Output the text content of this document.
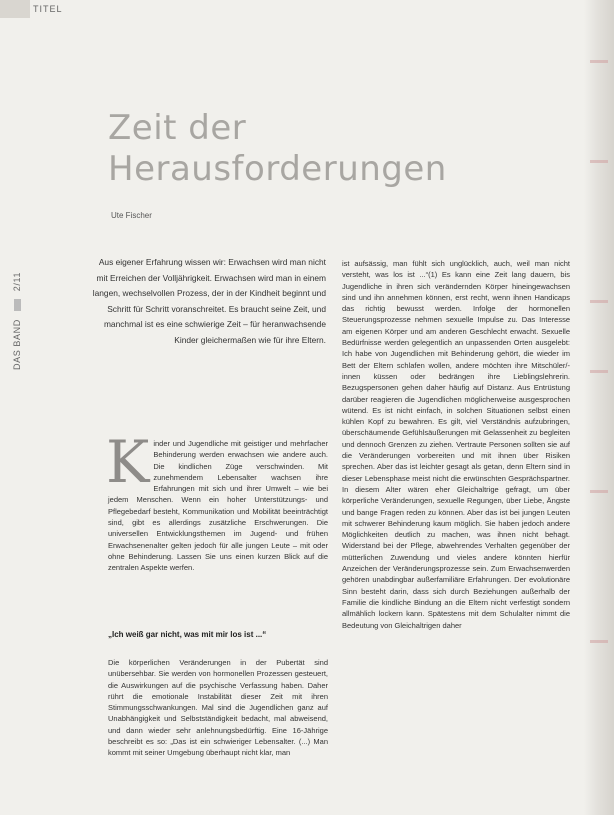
TITEL
DAS BAND2/11
Zeit der
Herausforderungen
Ute Fischer
Aus eigener Erfahrung wissen wir: Erwachsen wird man nicht mit Erreichen der Volljährigkeit. Erwachsen wird man in einem langen, wechselvollen Prozess, der in der Kindheit beginnt und Schritt für Schritt voranschreitet. Es braucht seine Zeit, und manchmal ist es eine schwierige Zeit – für heranwachsende Kinder gleichermaßen wie für ihre Eltern.
K inder und Jugendliche mit geistiger und mehrfacher Behinderung werden erwachsen wie andere auch. Die kindlichen Züge verschwinden. Mit zunehmendem Lebensalter wachsen ihre Erfahrungen mit sich und ihrer Umwelt – wie bei jedem Menschen. Wenn ein hoher Unterstützungs- und Pflegebedarf besteht, Kommunikation und Mobilität beeinträchtigt sind, gibt es allerdings zusätzliche Erschwerungen. Die universellen Entwicklungsthemen im Jugend- und frühen Erwachsenenalter gelten jedoch für alle jungen Leute – mit oder ohne Behinderung. Lassen Sie uns einen kurzen Blick auf die zentralen Aspekte werfen.

„Ich weiß gar nicht, was mit mir los ist ...“

Die körperlichen Veränderungen in der Pubertät sind unübersehbar. Sie werden von hormonellen Prozessen gesteuert, die Auswirkungen auf die psychische Verfassung haben. Daher rührt die emotionale Instabilität dieser Zeit mit ihren Stimmungsschwankungen. Mal sind die Jugendlichen ganz auf Unabhängigkeit und Selbstständigkeit bedacht, mal abweisend, und dann wieder sehr anlehnungsbedürftig. Eine 16-Jährige beschreibt es so: „Das ist ein schwieriger Lebensalter. (...) Man kommt mit seiner Umgebung überhaupt nicht klar, man

ist aufsässig, man fühlt sich unglücklich, auch, weil man nicht versteht, was los ist ...“(1) Es kann eine Zeit lang dauern, bis Jugendliche in ihren sich verändernden Körper hineingewachsen sind und ihn annehmen können, erst recht, wenn ihnen Handicaps das richtig bewusst werden. Infolge der hormonellen Steuerungsprozesse nehmen sexuelle Impulse zu. Das Interesse am eigenen Körper und am anderen Geschlecht erwacht. Sexuelle Bedürfnisse werden gelegentlich an unpassenden Orten ausgelebt: Ich habe von Jugendlichen mit Behinderung gehört, die wieder im Bett der Eltern schlafen wollen, andere möchten ihre Mitschüler/-innen küssen oder bedrängen ihre Lieblingslehrerin. Bezugspersonen gehen daher häufig auf Distanz. Aus Entrüstung darüber reagieren die Jugendlichen möglicherweise ausgesprochen wütend. Es ist nicht einfach, in solchen Situationen selbst einen kühlen Kopf zu bewahren. Es gilt, viel Verständnis aufzubringen, überschäumende Gefühlsäußerungen mit Gelassenheit zu begleiten und dennoch Grenzen zu ziehen. Vertraute Personen sollten sie auf die Veränderungen vorbereiten und mit ihnen über Risiken sprechen. Aber das ist leichter gesagt als getan, denn Eltern sind in dieser Lebensphase meist nicht die erwünschten Gesprächspartner. In diesem Alter wären eher Gleichaltrige gefragt, um über körperliche Veränderungen, sexuelle Regungen, über Liebe, Ängste und bange Fragen reden zu können. Aber das ist bei jungen Leuten mit schwerer Behinderung kaum möglich. Sie haben jedoch andere Möglichkeiten deutlich zu machen, was ihnen nicht behagt. Widerstand bei der Pflege, abwehrendes Verhalten gegenüber der mütterlichen Zuwendung und vieles andere könnten hierfür Anzeichen der Veränderungsprozesse sein. Zum Erwachsenwerden gehören unabdingbar außerfamiliäre Erfahrungen. Der evolutionäre Sinn besteht darin, dass sich durch Beziehungen außerhalb der Familie die kindliche Bindung an die Eltern nicht verfestigt sondern allmählich lockern kann. Spätestens mit dem Schulalter nimmt die Bedeutung von Gleichaltrigen daher
